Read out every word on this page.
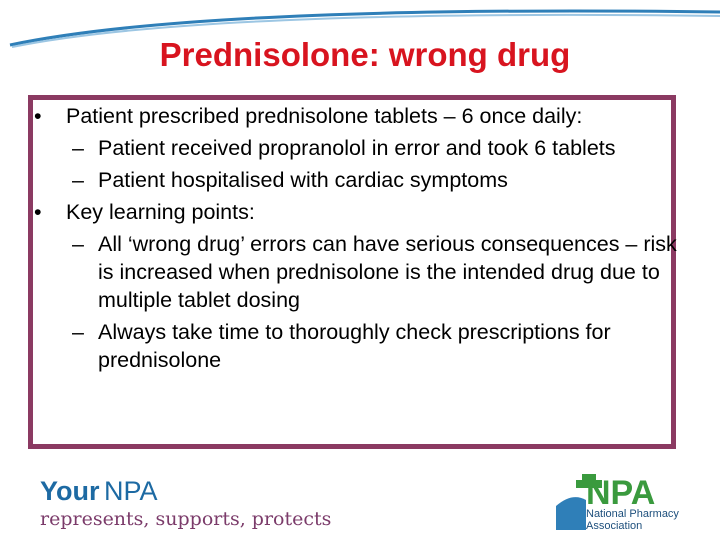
Prednisolone: wrong drug
• Patient prescribed prednisolone tablets – 6 once daily:
– Patient received propranolol in error and took 6 tablets
– Patient hospitalised with cardiac symptoms
• Key learning points:
– All ‘wrong drug’ errors can have serious consequences – risk is increased when prednisolone is the intended drug due to multiple tablet dosing
– Always take time to thoroughly check prescriptions for prednisolone
Your NPA
represents, supports, protects
NPA
National Pharmacy
Association
